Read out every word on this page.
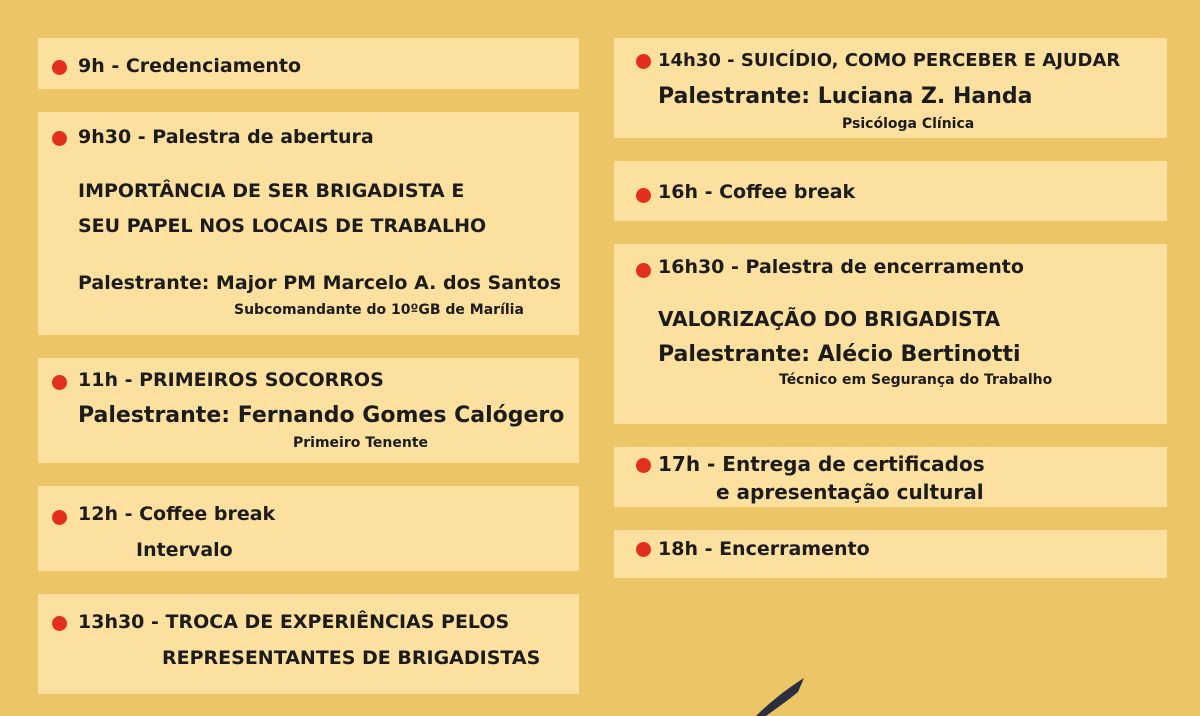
9h - Credenciamento
9h30 - Palestra de abertura
IMPORTÂNCIA DE SER BRIGADISTA E
SEU PAPEL NOS LOCAIS DE TRABALHO
Palestrante: Major PM Marcelo A. dos Santos
Subcomandante do 10ºGB de Marília
11h - PRIMEIROS SOCORROS
Palestrante: Fernando Gomes Calógero
Primeiro Tenente
12h - Coffee break
Intervalo
13h30 - TROCA DE EXPERIÊNCIAS PELOS
REPRESENTANTES DE BRIGADISTAS
14h30 - SUICÍDIO, COMO PERCEBER E AJUDAR
Palestrante: Luciana Z. Handa
Psicóloga Clínica
16h - Coffee break
16h30 - Palestra de encerramento
VALORIZAÇÃO DO BRIGADISTA
Palestrante: Alécio Bertinotti
Técnico em Segurança do Trabalho
17h - Entrega de certificados
e apresentação cultural
18h - Encerramento
